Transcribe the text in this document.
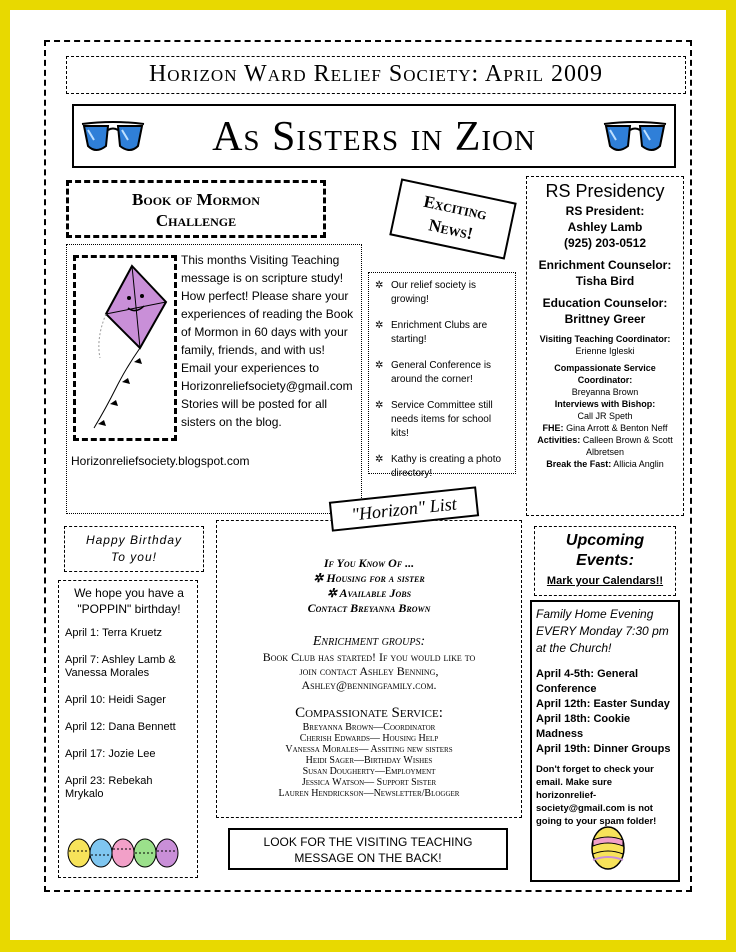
Horizon Ward Relief Society: April 2009
As Sisters in Zion
Book of Mormon
Challenge	Exciting
News!
RS Presidency
RS President:
Ashley Lamb
(925) 203-0512
Enrichment Counselor:
Tisha Bird
Education Counselor:
Brittney Greer
Visiting Teaching Coordinator:
Erienne Igleski
Compassionate Service Coordinator:
Breyanna Brown
Interviews with Bishop:
Call JR Speth
FHE: Gina Arrott & Benton Neff
Activities: Calleen Brown & Scott Albretsen
Break the Fast: Allicia Anglin
This months Visiting Teaching message is on scripture study! How perfect! Please share your experiences of reading the Book of Mormon in 60 days with your family, friends, and with us! Email your experiences to Horizonreliefsociety@gmail.com Stories will be posted for all sisters on the blog.
Horizonreliefsociety.blogspot.com
✲ Our relief society is growing!
✲ Enrichment Clubs are starting!
✲ General Conference is around the corner!
✲ Service Committee still needs items for school kits!
✲ Kathy is creating a photo directory!
Happy Birthday
To you!
We hope you have a
"POPPIN" birthday!
April 1: Terra Kruetz
April 7: Ashley Lamb & Vanessa Morales
April 10: Heidi Sager
April 12: Dana Bennett
April 17: Jozie Lee
April 23: Rebekah Mrykalo
"Horizon" List
If You Know Of ...
✲ Housing for a sister
✲ Available Jobs
Contact Breyanna Brown
Enrichment groups:
Book Club has started! If you would like to
join contact Ashley Benning,
Ashley@benningfamily.com.
Compassionate Service:
Breyanna Brown—Coordinator
Cherish Edwards— Housing Help
Vanessa Morales— Assiting new sisters
Heidi Sager—Birthday Wishes
Susan Dougherty—Employment
Jessica Watson— Support Sister
Lauren Hendrickson—Newsletter/Blogger
Upcoming
Events:
Mark your Calendars!!
Family Home Evening EVERY Monday 7:30 pm at the Church!
April 4-5th: General Conference
April 12th: Easter Sunday
April 18th: Cookie Madness
April 19th: Dinner Groups
Don't forget to check your email. Make sure horizonrelief-society@gmail.com is not going to your spam folder!
LOOK FOR THE VISITING TEACHING
MESSAGE ON THE BACK!
